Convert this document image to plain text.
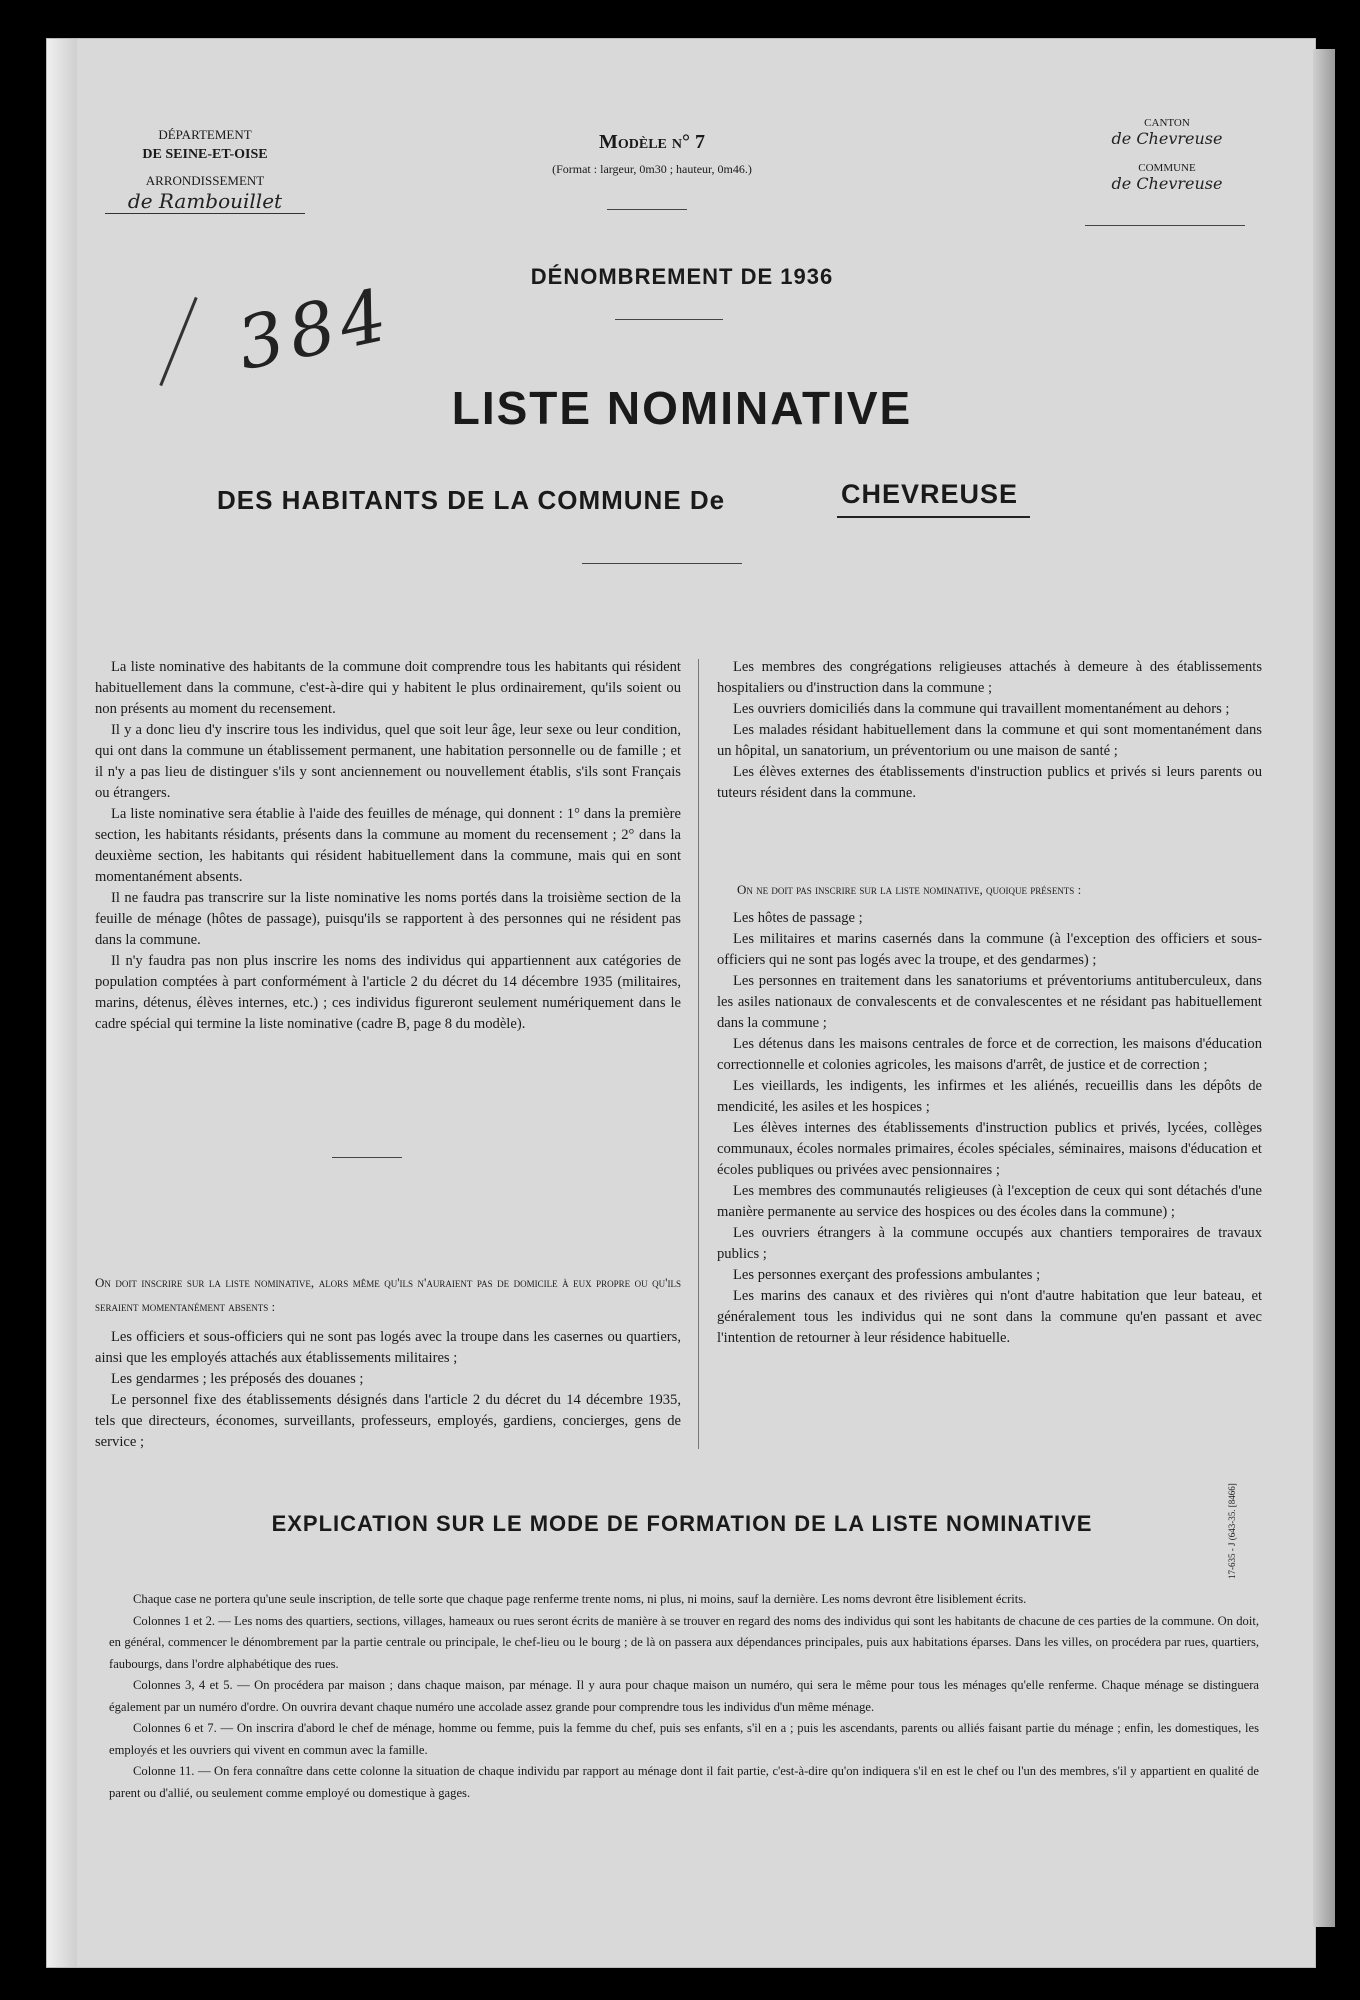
DÉPARTEMENT
DE SEINE-ET-OISE
ARRONDISSEMENT
de Rambouillet
Modèle n° 7
(Format : largeur, 0m30 ; hauteur, 0m46.)
CANTON
de Chevreuse
COMMUNE
de Chevreuse
384	DÉNOMBREMENT DE 1936
LISTE NOMINATIVE
DES HABITANTS DE LA COMMUNE De	CHEVREUSE

La liste nominative des habitants de la commune doit comprendre tous les habitants qui résident habituellement dans la commune, c'est-à-dire qui y habitent le plus ordinairement, qu'ils soient ou non présents au moment du recensement.

Il y a donc lieu d'y inscrire tous les individus, quel que soit leur âge, leur sexe ou leur condition, qui ont dans la commune un établissement permanent, une habitation personnelle ou de famille ; et il n'y a pas lieu de distinguer s'ils y sont anciennement ou nouvellement établis, s'ils sont Français ou étrangers.

La liste nominative sera établie à l'aide des feuilles de ménage, qui donnent : 1° dans la première section, les habitants résidants, présents dans la commune au moment du recensement ; 2° dans la deuxième section, les habitants qui résident habituellement dans la commune, mais qui en sont momentanément absents.

Il ne faudra pas transcrire sur la liste nominative les noms portés dans la troisième section de la feuille de ménage (hôtes de passage), puisqu'ils se rapportent à des personnes qui ne résident pas dans la commune.

Il n'y faudra pas non plus inscrire les noms des individus qui appartiennent aux catégories de population comptées à part conformément à l'article 2 du décret du 14 décembre 1935 (militaires, marins, détenus, élèves internes, etc.) ; ces individus figureront seulement numériquement dans le cadre spécial qui termine la liste nominative (cadre B, page 8 du modèle).

On doit inscrire sur la liste nominative, alors même qu'ils n'auraient pas de domicile à eux propre ou qu'ils seraient momentanément absents :

Les officiers et sous-officiers qui ne sont pas logés avec la troupe dans les casernes ou quartiers, ainsi que les employés attachés aux établissements militaires ;

Les gendarmes ; les préposés des douanes ;

Le personnel fixe des établissements désignés dans l'article 2 du décret du 14 décembre 1935, tels que directeurs, économes, surveillants, professeurs, employés, gardiens, concierges, gens de service ;

Les membres des congrégations religieuses attachés à demeure à des établissements hospitaliers ou d'instruction dans la commune ;

Les ouvriers domiciliés dans la commune qui travaillent momentanément au dehors ;

Les malades résidant habituellement dans la commune et qui sont momentanément dans un hôpital, un sanatorium, un préventorium ou une maison de santé ;

Les élèves externes des établissements d'instruction publics et privés si leurs parents ou tuteurs résident dans la commune.

On ne doit pas inscrire sur la liste nominative, quoique présents :

Les hôtes de passage ;

Les militaires et marins casernés dans la commune (à l'exception des officiers et sous-officiers qui ne sont pas logés avec la troupe, et des gendarmes) ;

Les personnes en traitement dans les sanatoriums et préventoriums antituberculeux, dans les asiles nationaux de convalescents et de convalescentes et ne résidant pas habituellement dans la commune ;

Les détenus dans les maisons centrales de force et de correction, les maisons d'éducation correctionnelle et colonies agricoles, les maisons d'arrêt, de justice et de correction ;

Les vieillards, les indigents, les infirmes et les aliénés, recueillis dans les dépôts de mendicité, les asiles et les hospices ;

Les élèves internes des établissements d'instruction publics et privés, lycées, collèges communaux, écoles normales primaires, écoles spéciales, séminaires, maisons d'éducation et écoles publiques ou privées avec pensionnaires ;

Les membres des communautés religieuses (à l'exception de ceux qui sont détachés d'une manière permanente au service des hospices ou des écoles dans la commune) ;

Les ouvriers étrangers à la commune occupés aux chantiers temporaires de travaux publics ;

Les personnes exerçant des professions ambulantes ;

Les marins des canaux et des rivières qui n'ont d'autre habitation que leur bateau, et généralement tous les individus qui ne sont dans la commune qu'en passant et avec l'intention de retourner à leur résidence habituelle.

EXPLICATION SUR LE MODE DE FORMATION DE LA LISTE NOMINATIVE

Chaque case ne portera qu'une seule inscription, de telle sorte que chaque page renferme trente noms, ni plus, ni moins, sauf la dernière. Les noms devront être lisiblement écrits.

Colonnes 1 et 2. — Les noms des quartiers, sections, villages, hameaux ou rues seront écrits de manière à se trouver en regard des noms des individus qui sont les habitants de chacune de ces parties de la commune. On doit, en général, commencer le dénombrement par la partie centrale ou principale, le chef-lieu ou le bourg ; de là on passera aux dépendances principales, puis aux habitations éparses. Dans les villes, on procédera par rues, quartiers, faubourgs, dans l'ordre alphabétique des rues.

Colonnes 3, 4 et 5. — On procédera par maison ; dans chaque maison, par ménage. Il y aura pour chaque maison un numéro, qui sera le même pour tous les ménages qu'elle renferme. Chaque ménage se distinguera également par un numéro d'ordre. On ouvrira devant chaque numéro une accolade assez grande pour comprendre tous les individus d'un même ménage.

Colonnes 6 et 7. — On inscrira d'abord le chef de ménage, homme ou femme, puis la femme du chef, puis ses enfants, s'il en a ; puis les ascendants, parents ou alliés faisant partie du ménage ; enfin, les domestiques, les employés et les ouvriers qui vivent en commun avec la famille.

Colonne 11. — On fera connaître dans cette colonne la situation de chaque individu par rapport au ménage dont il fait partie, c'est-à-dire qu'on indiquera s'il en est le chef ou l'un des membres, s'il y appartient en qualité de parent ou d'allié, ou seulement comme employé ou domestique à gages.

17-635 - J (643-35. [8466]
